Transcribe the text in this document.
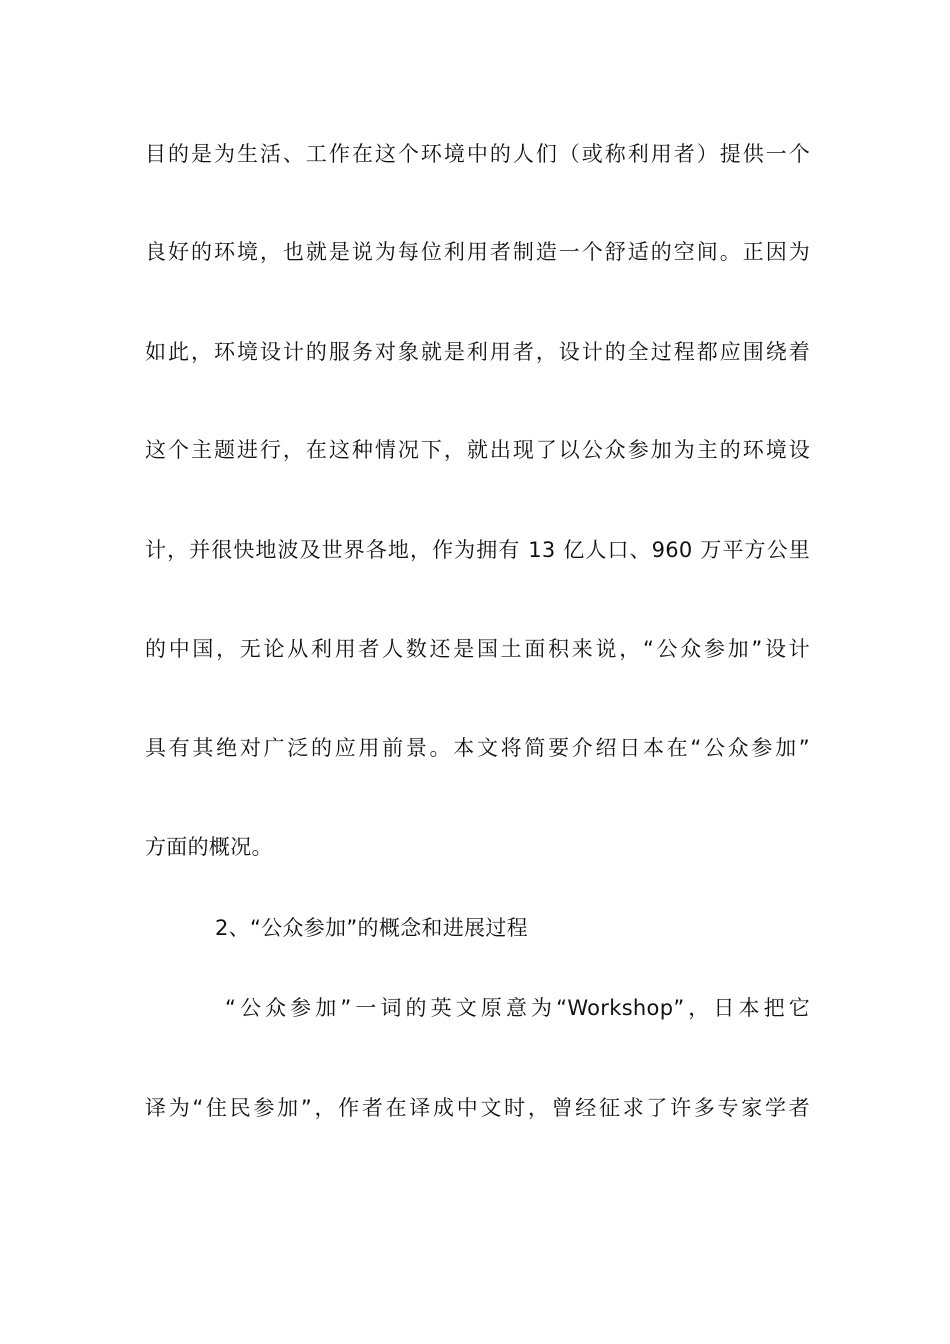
目的是为生活、工作在这个环境中的人们（或称利用者）提供一个
良好的环境，也就是说为每位利用者制造一个舒适的空间。正因为
如此，环境设计的服务对象就是利用者，设计的全过程都应围绕着
这个主题进行，在这种情况下，就出现了以公众参加为主的环境设
计，并很快地波及世界各地，作为拥有 13 亿人口、960 万平方公里
的中国，无论从利用者人数还是国土面积来说，“公众参加”设计
具有其绝对广泛的应用前景。本文将简要介绍日本在“公众参加”
方面的概况。
2、“公众参加”的概念和进展过程
“公众参加”一词的英文原意为“Workshop”，日本把它
译为“住民参加”，作者在译成中文时，曾经征求了许多专家学者
